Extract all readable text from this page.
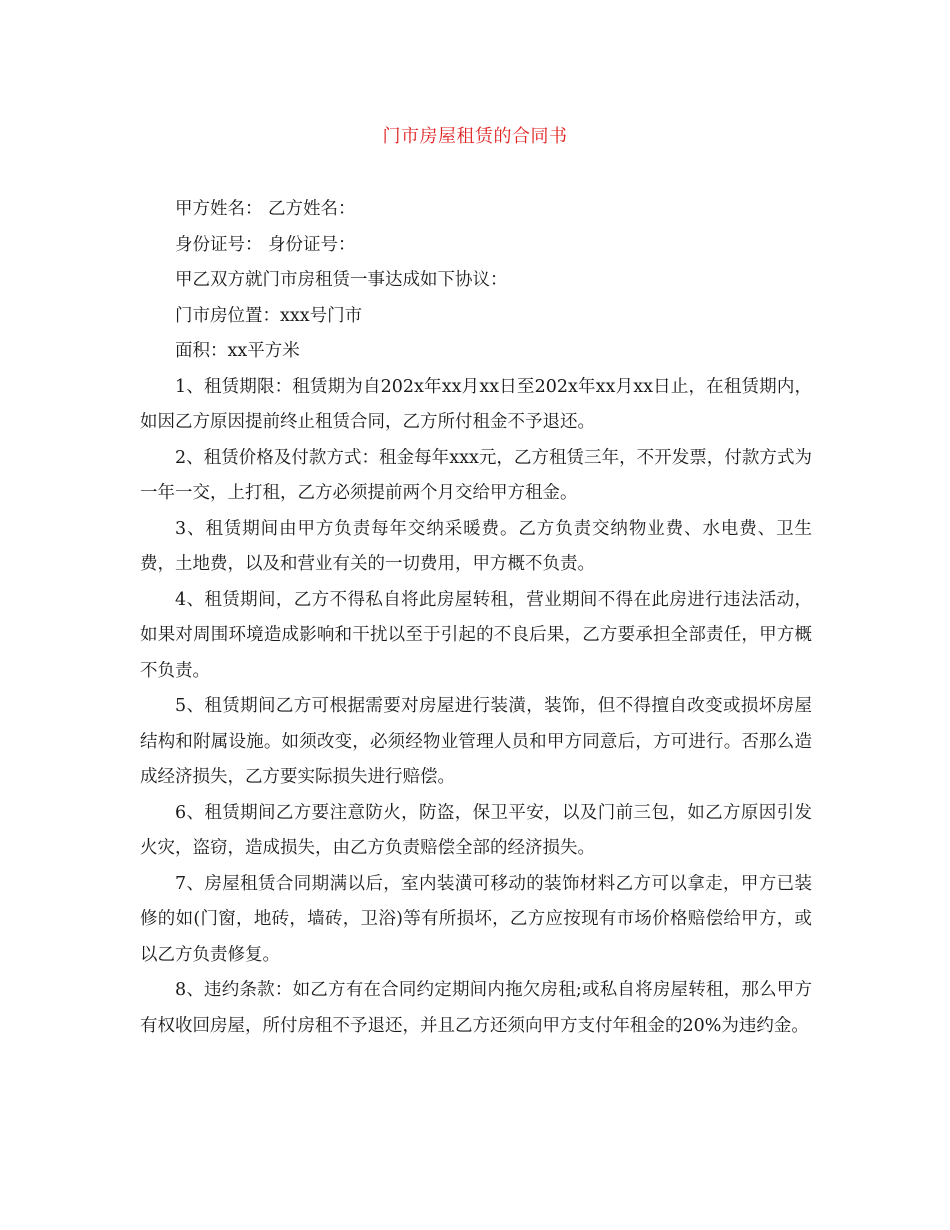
门市房屋租赁的合同书

甲方姓名： 乙方姓名：

身份证号： 身份证号：

甲乙双方就门市房租赁一事达成如下协议：

门市房位置：xxx号门市

面积：xx平方米

1、租赁期限：租赁期为自202x年xx月xx日至202x年xx月xx日止，在租赁期内，如因乙方原因提前终止租赁合同，乙方所付租金不予退还。

2、租赁价格及付款方式：租金每年xxx元，乙方租赁三年，不开发票，付款方式为一年一交，上打租，乙方必须提前两个月交给甲方租金。

3、租赁期间由甲方负责每年交纳采暖费。乙方负责交纳物业费、水电费、卫生费，土地费，以及和营业有关的一切费用，甲方概不负责。

4、租赁期间，乙方不得私自将此房屋转租，营业期间不得在此房进行违法活动，如果对周围环境造成影响和干扰以至于引起的不良后果，乙方要承担全部责任，甲方概不负责。

5、租赁期间乙方可根据需要对房屋进行装潢，装饰，但不得擅自改变或损坏房屋结构和附属设施。如须改变，必须经物业管理人员和甲方同意后，方可进行。否那么造成经济损失，乙方要实际损失进行赔偿。

6、租赁期间乙方要注意防火，防盗，保卫平安，以及门前三包，如乙方原因引发火灾，盗窃，造成损失，由乙方负责赔偿全部的经济损失。

7、房屋租赁合同期满以后，室内装潢可移动的装饰材料乙方可以拿走，甲方已装修的如(门窗，地砖，墙砖，卫浴)等有所损坏，乙方应按现有市场价格赔偿给甲方，或以乙方负责修复。

8、违约条款：如乙方有在合同约定期间内拖欠房租;或私自将房屋转租，那么甲方有权收回房屋，所付房租不予退还，并且乙方还须向甲方支付年租金的20%为违约金。
